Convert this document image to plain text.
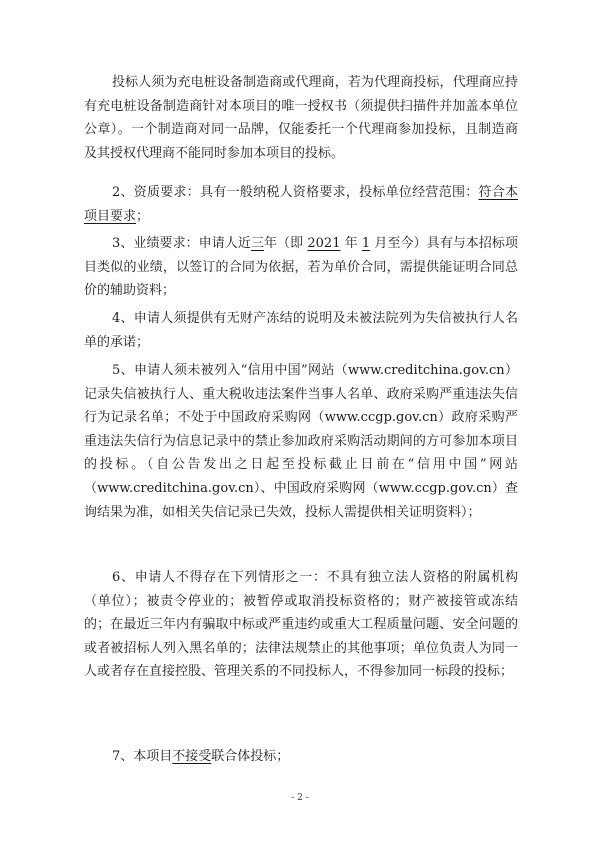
投标人须为充电桩设备制造商或代理商，若为代理商投标，代理商应持有充电桩设备制造商针对本项目的唯一授权书（须提供扫描件并加盖本单位公章）。一个制造商对同一品牌，仅能委托一个代理商参加投标，且制造商及其授权代理商不能同时参加本项目的投标。

2、资质要求：具有一般纳税人资格要求，投标单位经营范围：符合本项目要求；

3、业绩要求：申请人近三年（即 2021 年 1 月至今）具有与本招标项目类似的业绩，以签订的合同为依据，若为单价合同，需提供能证明合同总价的辅助资料；

4、申请人须提供有无财产冻结的说明及未被法院列为失信被执行人名单的承诺；

5、申请人须未被列入“信用中国”网站（www.creditchina.gov.cn）记录失信被执行人、重大税收违法案件当事人名单、政府采购严重违法失信行为记录名单；不处于中国政府采购网（www.ccgp.gov.cn）政府采购严重违法失信行为信息记录中的禁止参加政府采购活动期间的方可参加本项目的投标。（自公告发出之日起至投标截止日前在“信用中国”网站（www.creditchina.gov.cn）、中国政府采购网（www.ccgp.gov.cn）查询结果为准，如相关失信记录已失效，投标人需提供相关证明资料）；

6、申请人不得存在下列情形之一：不具有独立法人资格的附属机构（单位）；被责令停业的；被暂停或取消投标资格的；财产被接管或冻结的；在最近三年内有骗取中标或严重违约或重大工程质量问题、安全问题的或者被招标人列入黑名单的；法律法规禁止的其他事项；单位负责人为同一人或者存在直接控股、管理关系的不同投标人，不得参加同一标段的投标；

7、本项目不接受联合体投标；

- 2 -
